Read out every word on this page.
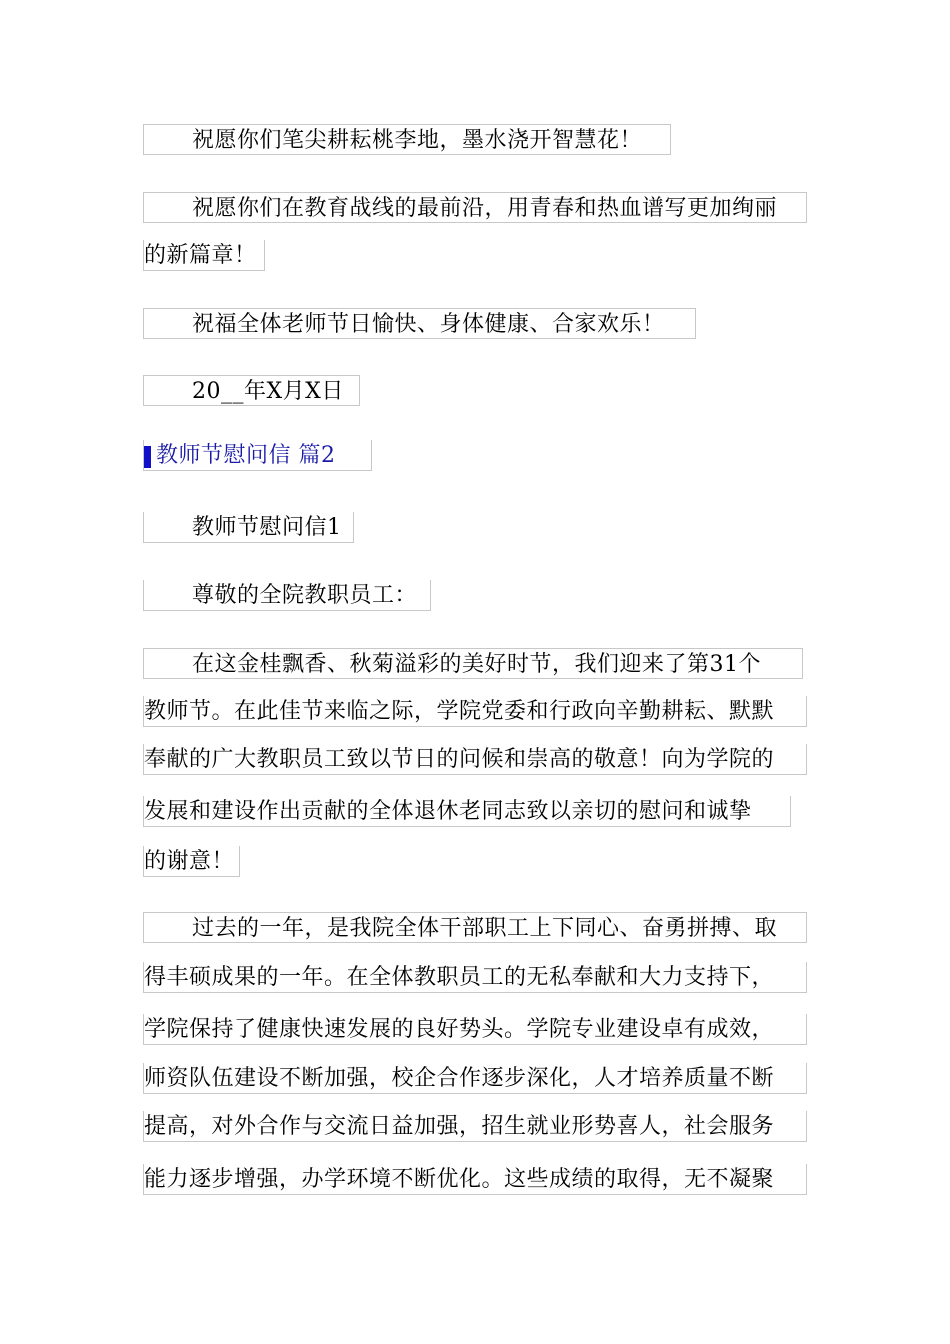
祝愿你们笔尖耕耘桃李地，墨水浇开智慧花！
祝愿你们在教育战线的最前沿，用青春和热血谱写更加绚丽
的新篇章！
祝福全体老师节日愉快、身体健康、合家欢乐！
20__年X月X日
教师节慰问信 篇2
教师节慰问信1
尊敬的全院教职员工：
在这金桂飘香、秋菊溢彩的美好时节，我们迎来了第31个
教师节。在此佳节来临之际，学院党委和行政向辛勤耕耘、默默
奉献的广大教职员工致以节日的问候和崇高的敬意！向为学院的
发展和建设作出贡献的全体退休老同志致以亲切的慰问和诚挚
的谢意！
过去的一年，是我院全体干部职工上下同心、奋勇拼搏、取
得丰硕成果的一年。在全体教职员工的无私奉献和大力支持下，
学院保持了健康快速发展的良好势头。学院专业建设卓有成效，
师资队伍建设不断加强，校企合作逐步深化，人才培养质量不断
提高，对外合作与交流日益加强，招生就业形势喜人，社会服务
能力逐步增强，办学环境不断优化。这些成绩的取得，无不凝聚
